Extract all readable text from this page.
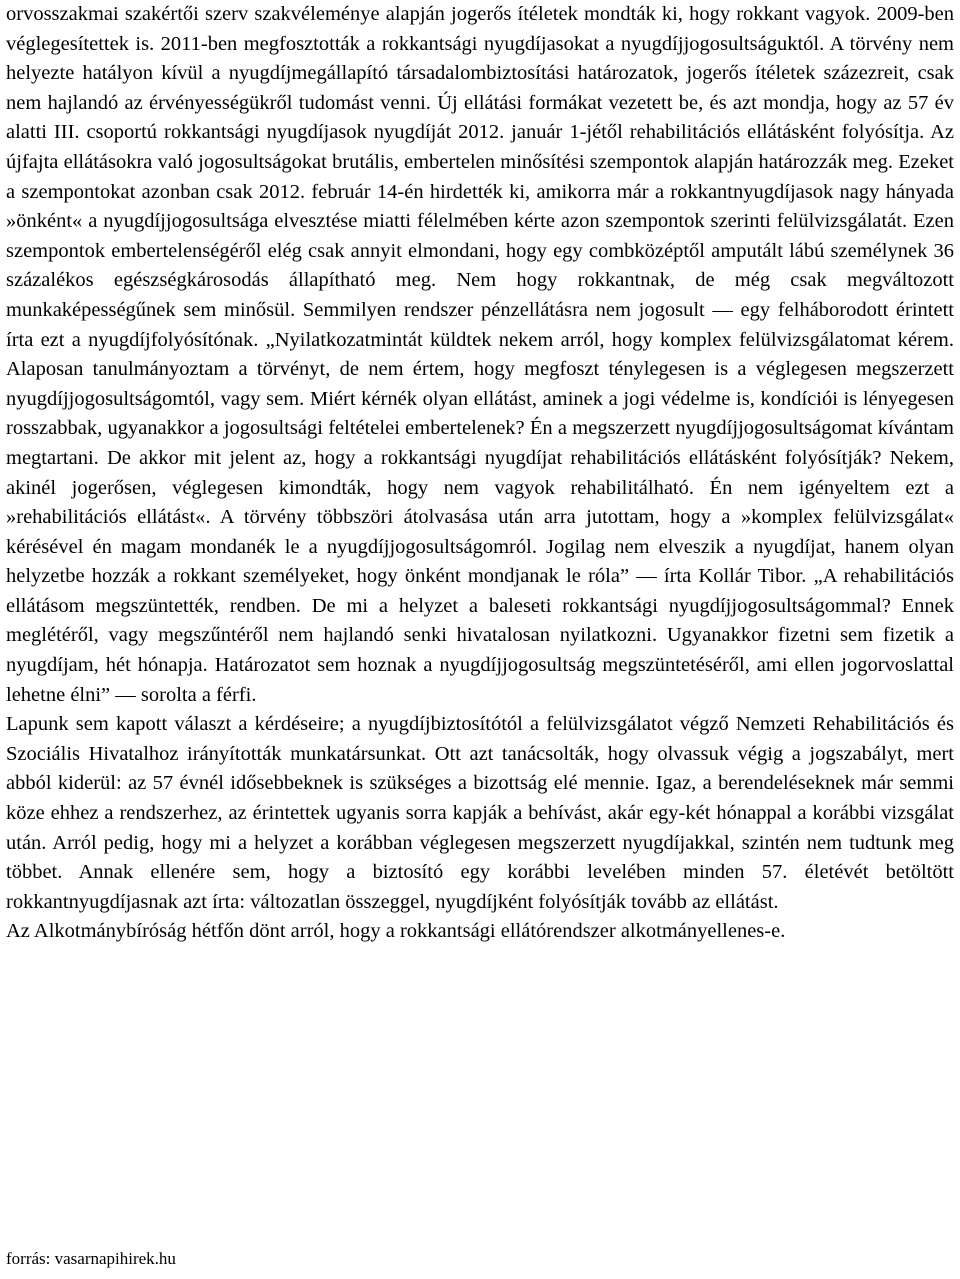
orvosszakmai szakértői szerv szakvéleménye alapján jogerős ítéletek mondták ki, hogy rokkant vagyok. 2009-ben véglegesítettek is. 2011-ben megfosztották a rokkantsági nyugdíjasokat a nyugdíjjogosultságuktól. A törvény nem helyezte hatályon kívül a nyugdíjmegállapító társadalombiztosítási határozatok, jogerős ítéletek százezreit, csak nem hajlandó az érvényességükről tudomást venni. Új ellátási formákat vezetett be, és azt mondja, hogy az 57 év alatti III. csoportú rokkantsági nyugdíjasok nyugdíját 2012. január 1-jétől rehabilitációs ellátásként folyósítja. Az újfajta ellátásokra való jogosultságokat brutális, embertelen minősítési szempontok alapján határozzák meg. Ezeket a szempontokat azonban csak 2012. február 14-én hirdették ki, amikorra már a rokkantnyugdíjasok nagy hányada »önként« a nyugdíjjogosultsága elvesztése miatti félelmében kérte azon szempontok szerinti felülvizsgálatát. Ezen szempontok embertelenségéről elég csak annyit elmondani, hogy egy combközéptől amputált lábú személynek 36 százalékos egészségkárosodás állapítható meg. Nem hogy rokkantnak, de még csak megváltozott munkaképességűnek sem minősül. Semmilyen rendszer pénzellátásra nem jogosult — egy felháborodott érintett írta ezt a nyugdíjfolyósítónak. „Nyilatkozatmintát küldtek nekem arról, hogy komplex felülvizsgálatomat kérem. Alaposan tanulmányoztam a törvényt, de nem értem, hogy megfoszt ténylegesen is a véglegesen megszerzett nyugdíjjogosultságomtól, vagy sem. Miért kérnék olyan ellátást, aminek a jogi védelme is, kondíciói is lényegesen rosszabbak, ugyanakkor a jogosultsági feltételei embertelenek? Én a megszerzett nyugdíjjogosultságomat kívántam megtartani. De akkor mit jelent az, hogy a rokkantsági nyugdíjat rehabilitációs ellátásként folyósítják? Nekem, akinél jogerősen, véglegesen kimondták, hogy nem vagyok rehabilitálható. Én nem igényeltem ezt a »rehabilitációs ellátást«. A törvény többszöri átolvasása után arra jutottam, hogy a »komplex felülvizsgálat« kérésével én magam mondanék le a nyugdíjjogosultságomról. Jogilag nem elveszik a nyugdíjat, hanem olyan helyzetbe hozzák a rokkant személyeket, hogy önként mondjanak le róla” — írta Kollár Tibor. „A rehabilitációs ellátásom megszüntették, rendben. De mi a helyzet a baleseti rokkantsági nyugdíjjogosultságommal? Ennek meglétéről, vagy megszűntéről nem hajlandó senki hivatalosan nyilatkozni. Ugyanakkor fizetni sem fizetik a nyugdíjam, hét hónapja. Határozatot sem hoznak a nyugdíjjogosultság megszüntetéséről, ami ellen jogorvoslattal lehetne élni” — sorolta a férfi.

Lapunk sem kapott választ a kérdéseire; a nyugdíjbiztosítótól a felülvizsgálatot végző Nemzeti Rehabilitációs és Szociális Hivatalhoz irányították munkatársunkat. Ott azt tanácsolták, hogy olvassuk végig a jogszabályt, mert abból kiderül: az 57 évnél idősebbeknek is szükséges a bizottság elé mennie. Igaz, a berendeléseknek már semmi köze ehhez a rendszerhez, az érintettek ugyanis sorra kapják a behívást, akár egy-két hónappal a korábbi vizsgálat után. Arról pedig, hogy mi a helyzet a korábban véglegesen megszerzett nyugdíjakkal, szintén nem tudtunk meg többet. Annak ellenére sem, hogy a biztosító egy korábbi levelében minden 57. életévét betöltött rokkantnyugdíjasnak azt írta: változatlan összeggel, nyugdíjként folyósítják tovább az ellátást.

Az Alkotmánybíróság hétfőn dönt arról, hogy a rokkantsági ellátórendszer alkotmányellenes-e.

forrás: vasarnapihirek.hu
